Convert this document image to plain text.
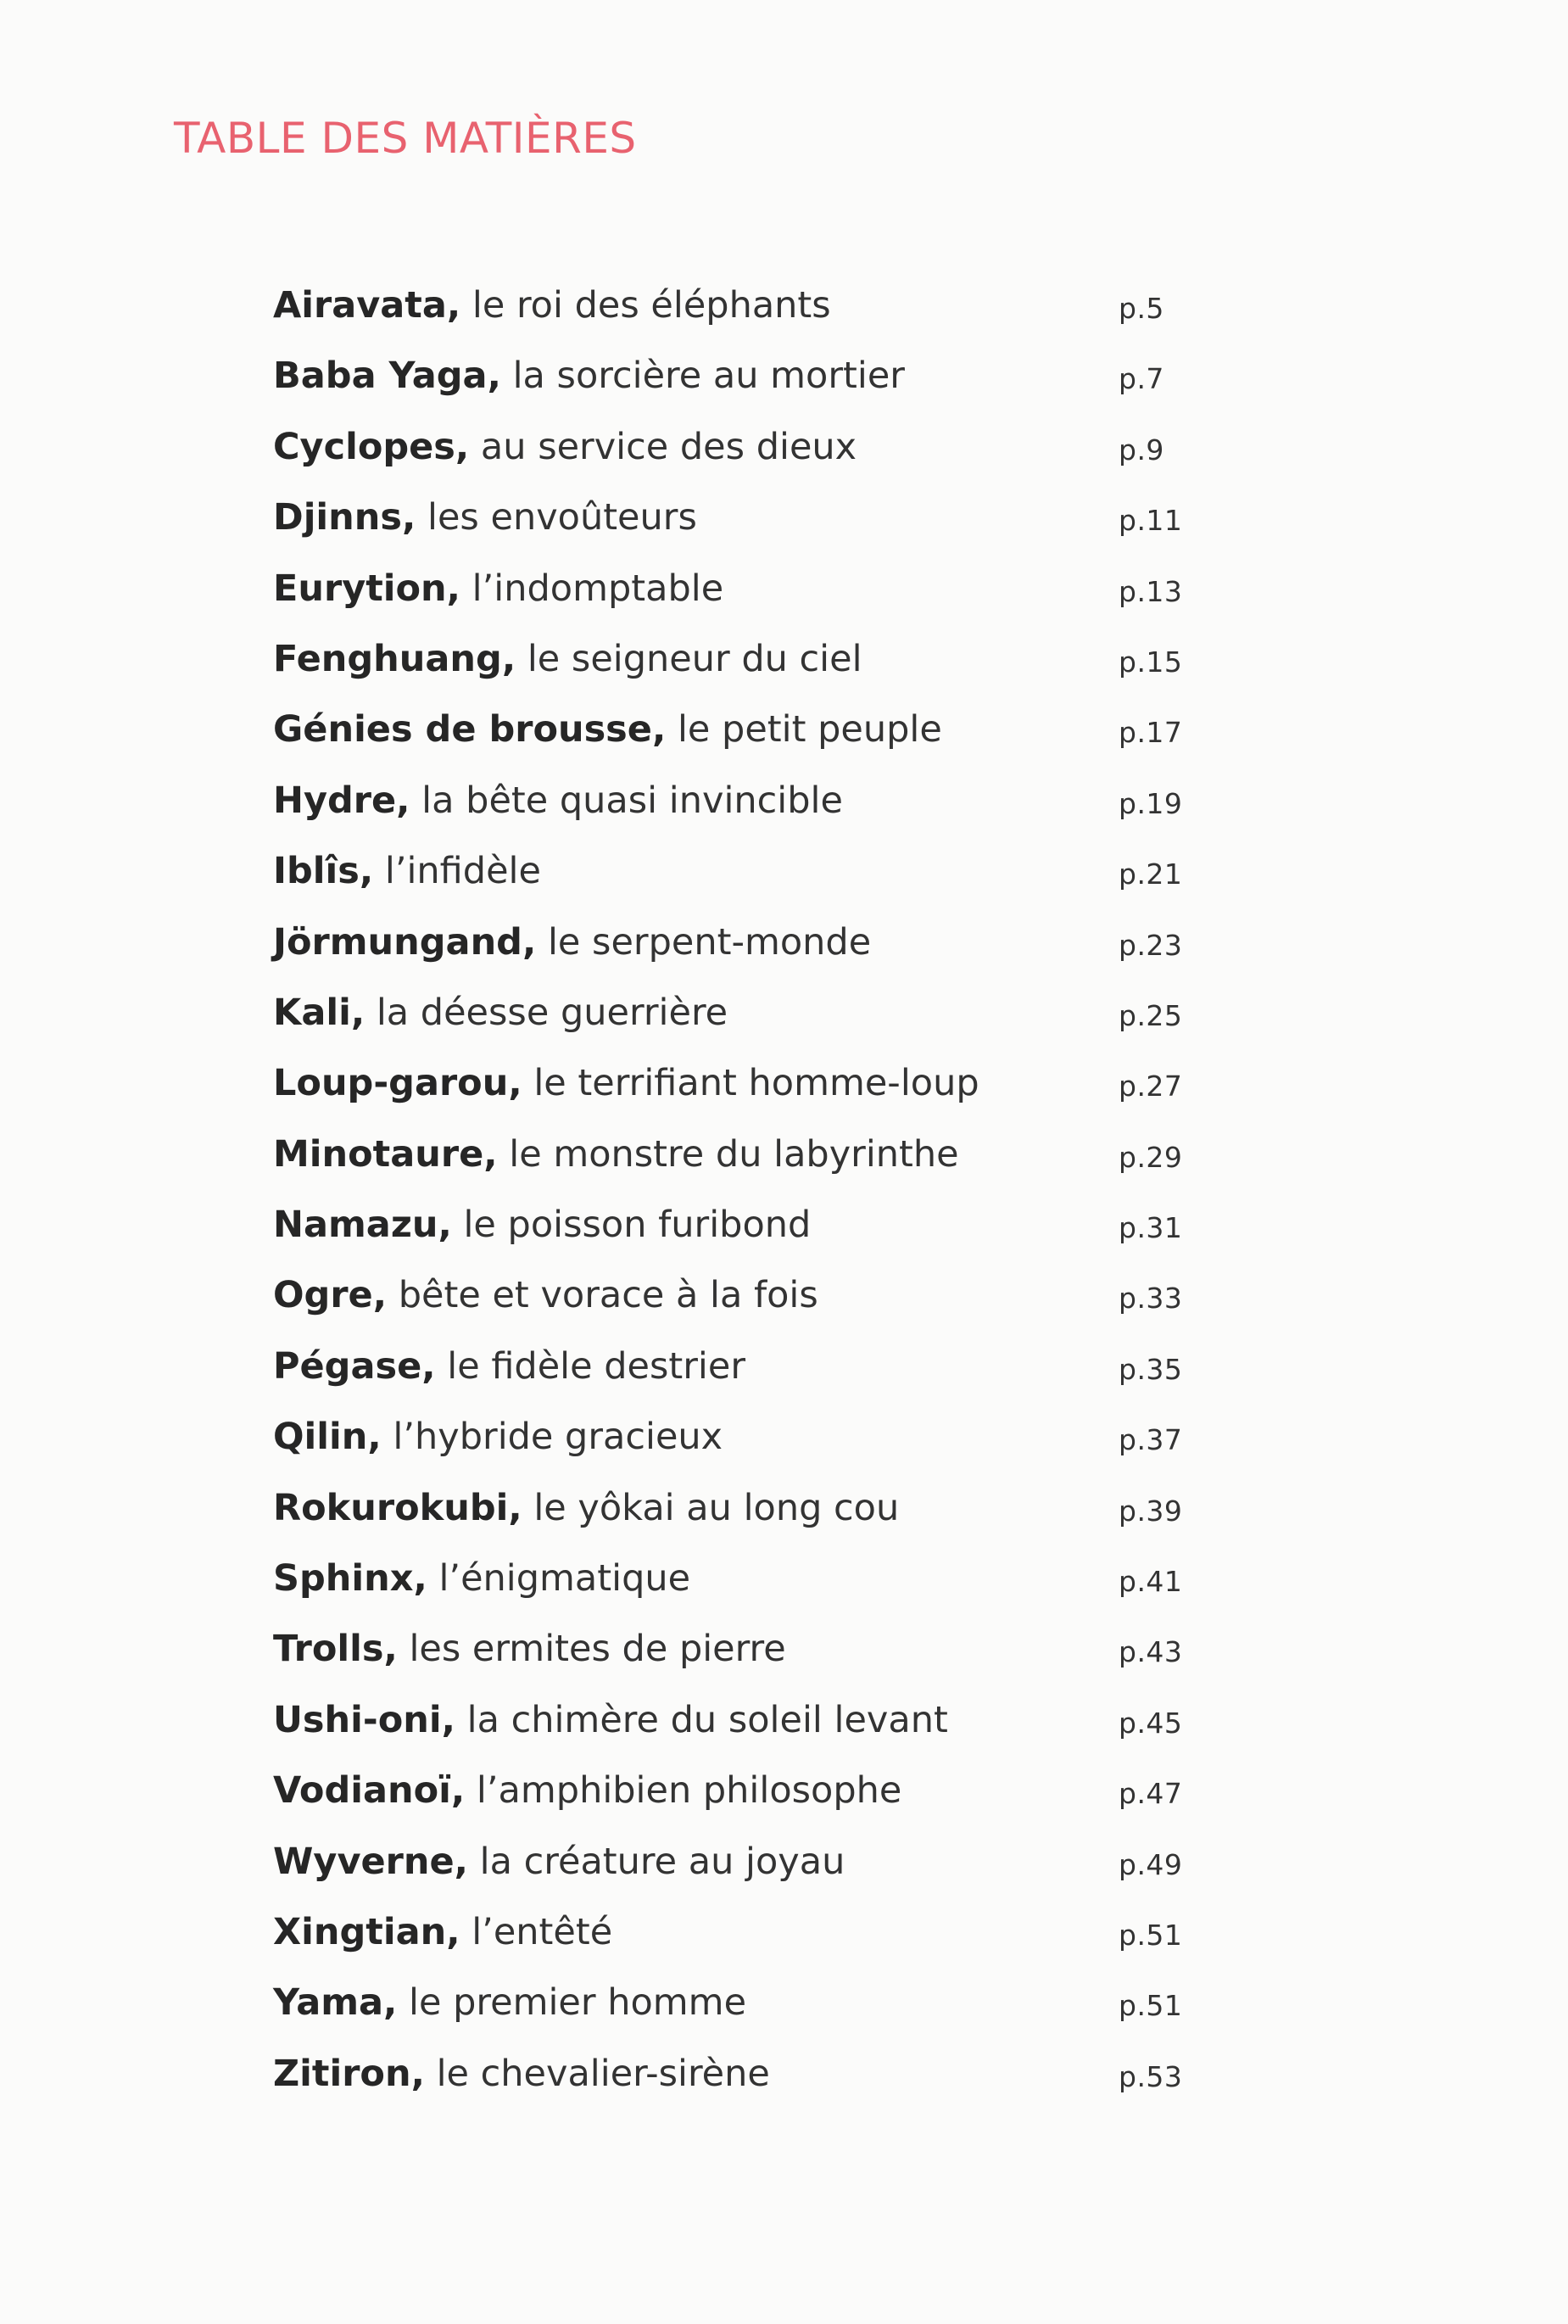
TABLE DES MATIÈRES
Airavata, le roi des éléphants	p.5
Baba Yaga, la sorcière au mortier	p.7
Cyclopes, au service des dieux	p.9
Djinns, les envoûteurs	p.11
Eurytion, l’indomptable	p.13
Fenghuang, le seigneur du ciel	p.15
Génies de brousse, le petit peuple	p.17
Hydre, la bête quasi invincible	p.19
Iblîs, l’infidèle	p.21
Jörmungand, le serpent-monde	p.23
Kali, la déesse guerrière	p.25
Loup-garou, le terrifiant homme-loup	p.27
Minotaure, le monstre du labyrinthe	p.29
Namazu, le poisson furibond	p.31
Ogre, bête et vorace à la fois	p.33
Pégase, le fidèle destrier	p.35
Qilin, l’hybride gracieux	p.37
Rokurokubi, le yôkai au long cou	p.39
Sphinx, l’énigmatique	p.41
Trolls, les ermites de pierre	p.43
Ushi-oni, la chimère du soleil levant	p.45
Vodianoï, l’amphibien philosophe	p.47
Wyverne, la créature au joyau	p.49
Xingtian, l’entêté	p.51
Yama, le premier homme	p.51
Zitiron, le chevalier-sirène	p.53
